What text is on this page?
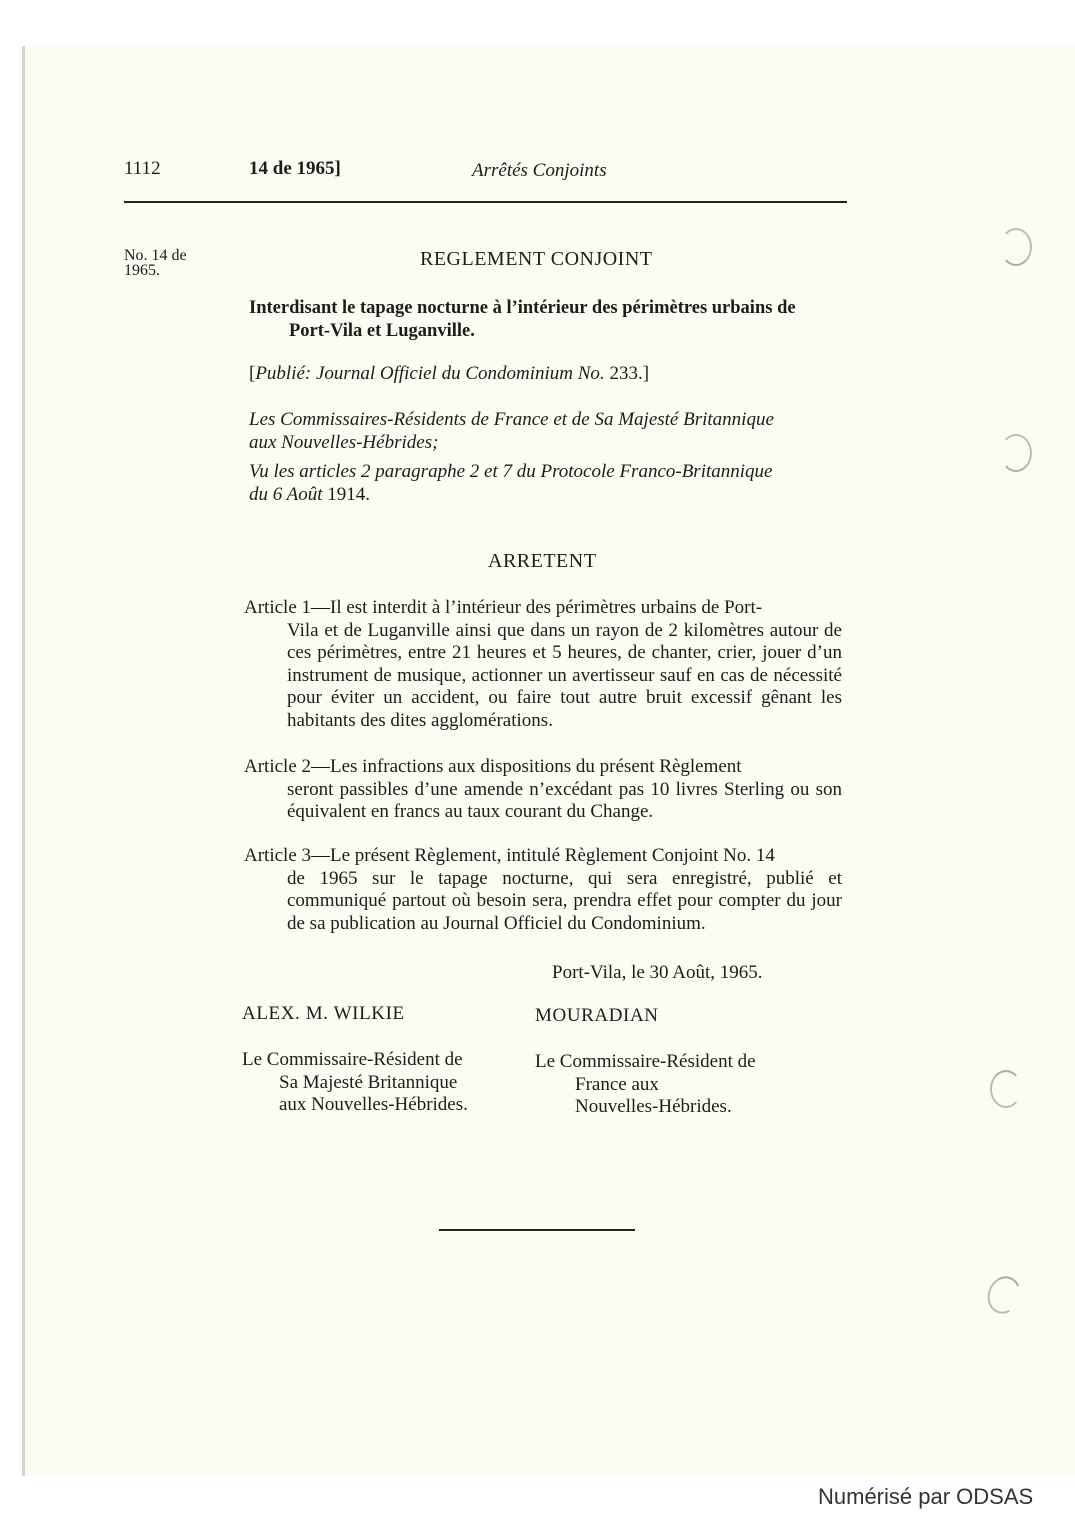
1112	14 de 1965]	Arrêtés Conjoints
No. 14 de
1965.
REGLEMENT CONJOINT
Interdisant le tapage nocturne à l’intérieur des périmètres urbains de
Port-Vila et Luganville.
[Publié: Journal Officiel du Condominium No. 233.]
Les Commissaires-Résidents de France et de Sa Majesté Britannique
aux Nouvelles-Hébrides;
Vu les articles 2 paragraphe 2 et 7 du Protocole Franco-Britannique
du 6 Août 1914.
ARRETENT
Article 1—Il est interdit à l’intérieur des périmètres urbains de Port-
Vila et de Luganville ainsi que dans un rayon de 2 kilomètres autour de ces périmètres, entre 21 heures et 5 heures, de chanter, crier, jouer d’un instrument de musique, actionner un avertisseur sauf en cas de nécessité pour éviter un accident, ou faire tout autre bruit excessif gênant les habitants des dites agglomérations.
Article 2—Les infractions aux dispositions du présent Règlement
seront passibles d’une amende n’excédant pas 10 livres Sterling ou son équivalent en francs au taux courant du Change.
Article 3—Le présent Règlement, intitulé Règlement Conjoint No. 14
de 1965 sur le tapage nocturne, qui sera enregistré, publié et communiqué partout où besoin sera, prendra effet pour compter du jour de sa publication au Journal Officiel du Condominium.
Port-Vila, le 30 Août, 1965.
ALEX. M. WILKIE	MOURADIAN
Le Commissaire-Résident de
Sa Majesté Britannique
aux Nouvelles-Hébrides.
Le Commissaire-Résident de
France aux
Nouvelles-Hébrides.
Numérisé par ODSAS
